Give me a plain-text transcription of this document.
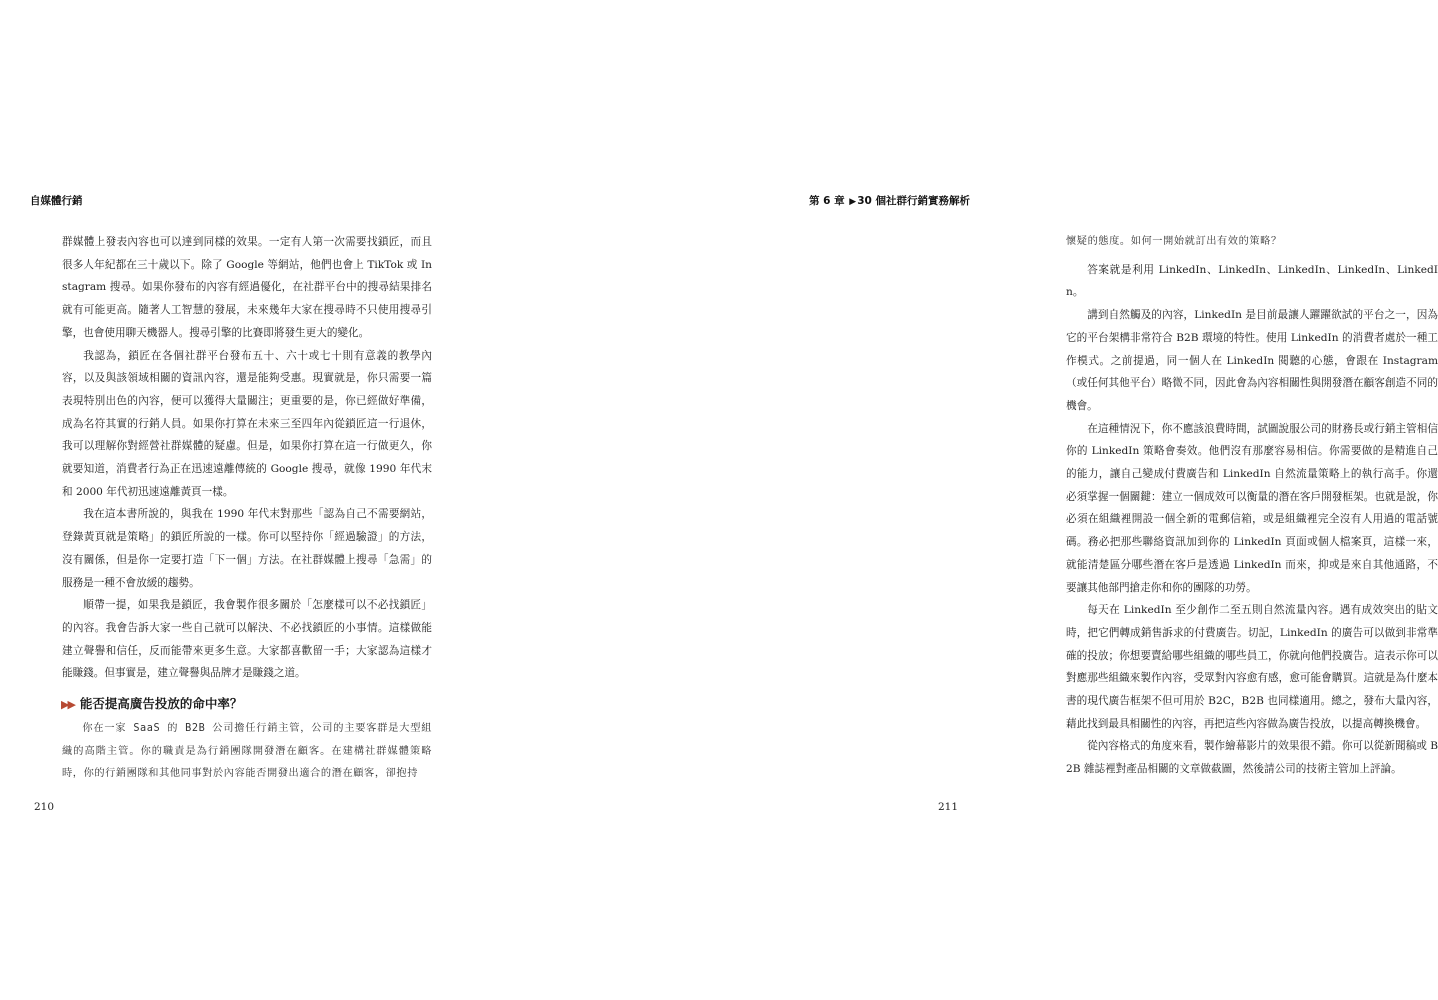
自媒體行銷

群媒體上發表內容也可以達到同樣的效果。一定有人第一次需要找鎖匠，而且很多人年紀都在三十歲以下。除了 Google 等網站，他們也會上 TikTok 或 Instagram 搜尋。如果你發布的內容有經過優化，在社群平台中的搜尋結果排名就有可能更高。隨著人工智慧的發展，未來幾年大家在搜尋時不只使用搜尋引擎，也會使用聊天機器人。搜尋引擎的比賽即將發生更大的變化。

我認為，鎖匠在各個社群平台發布五十、六十或七十則有意義的教學內容，以及與該領域相關的資訊內容，還是能夠受惠。現實就是，你只需要一篇表現特別出色的內容，便可以獲得大量關注；更重要的是，你已經做好準備，成為名符其實的行銷人員。如果你打算在未來三至四年內從鎖匠這一行退休，我可以理解你對經營社群媒體的疑慮。但是，如果你打算在這一行做更久，你就要知道，消費者行為正在迅速遠離傳統的 Google 搜尋，就像 1990 年代末和 2000 年代初迅速遠離黃頁一樣。

我在這本書所說的，與我在 1990 年代末對那些「認為自己不需要網站，登錄黃頁就是策略」的鎖匠所說的一樣。你可以堅持你「經過驗證」的方法，沒有關係，但是你一定要打造「下一個」方法。在社群媒體上搜尋「急需」的服務是一種不會放緩的趨勢。

順帶一提，如果我是鎖匠，我會製作很多關於「怎麼樣可以不必找鎖匠」的內容。我會告訴大家一些自己就可以解決、不必找鎖匠的小事情。這樣做能建立聲譽和信任，反而能帶來更多生意。大家都喜歡留一手；大家認為這樣才能賺錢。但事實是，建立聲譽與品牌才是賺錢之道。

▶▶ 能否提高廣告投放的命中率？

你在一家 SaaS 的 B2B 公司擔任行銷主管，公司的主要客群是大型組織的高階主管。你的職責是為行銷團隊開發潛在顧客。在建構社群媒體策略時，你的行銷團隊和其他同事對於內容能否開發出適合的潛在顧客，卻抱持

210
第 6 章 ▶30 個社群行銷實務解析

懷疑的態度。如何一開始就訂出有效的策略？

答案就是利用 LinkedIn、LinkedIn、LinkedIn、LinkedIn、LinkedIn。

講到自然觸及的內容，LinkedIn 是目前最讓人躍躍欲試的平台之一，因為它的平台架構非常符合 B2B 環境的特性。使用 LinkedIn 的消費者處於一種工作模式。之前提過，同一個人在 LinkedIn 閱聽的心態，會跟在 Instagram（或任何其他平台）略微不同，因此會為內容相關性與開發潛在顧客創造不同的機會。

在這種情況下，你不應該浪費時間，試圖說服公司的財務長或行銷主管相信你的 LinkedIn 策略會奏效。他們沒有那麼容易相信。你需要做的是精進自己的能力，讓自己變成付費廣告和 LinkedIn 自然流量策略上的執行高手。你還必須掌握一個關鍵：建立一個成效可以衡量的潛在客戶開發框架。也就是說，你必須在組織裡開設一個全新的電郵信箱，或是組織裡完全沒有人用過的電話號碼。務必把那些聯絡資訊加到你的 LinkedIn 頁面或個人檔案頁，這樣一來，就能清楚區分哪些潛在客戶是透過 LinkedIn 而來，抑或是來自其他通路，不要讓其他部門搶走你和你的團隊的功勞。

每天在 LinkedIn 至少創作二至五則自然流量內容。遇有成效突出的貼文時，把它們轉成銷售訴求的付費廣告。切記，LinkedIn 的廣告可以做到非常準確的投放；你想要賣給哪些組織的哪些員工，你就向他們投廣告。這表示你可以對應那些組織來製作內容，受眾對內容愈有感，愈可能會購買。這就是為什麼本書的現代廣告框架不但可用於 B2C，B2B 也同樣適用。總之，發布大量內容，藉此找到最具相關性的內容，再把這些內容做為廣告投放，以提高轉換機會。

從內容格式的角度來看，製作繪幕影片的效果很不錯。你可以從新聞稿或 B2B 雜誌裡對產品相關的文章做截圖，然後請公司的技術主管加上評論。

211
